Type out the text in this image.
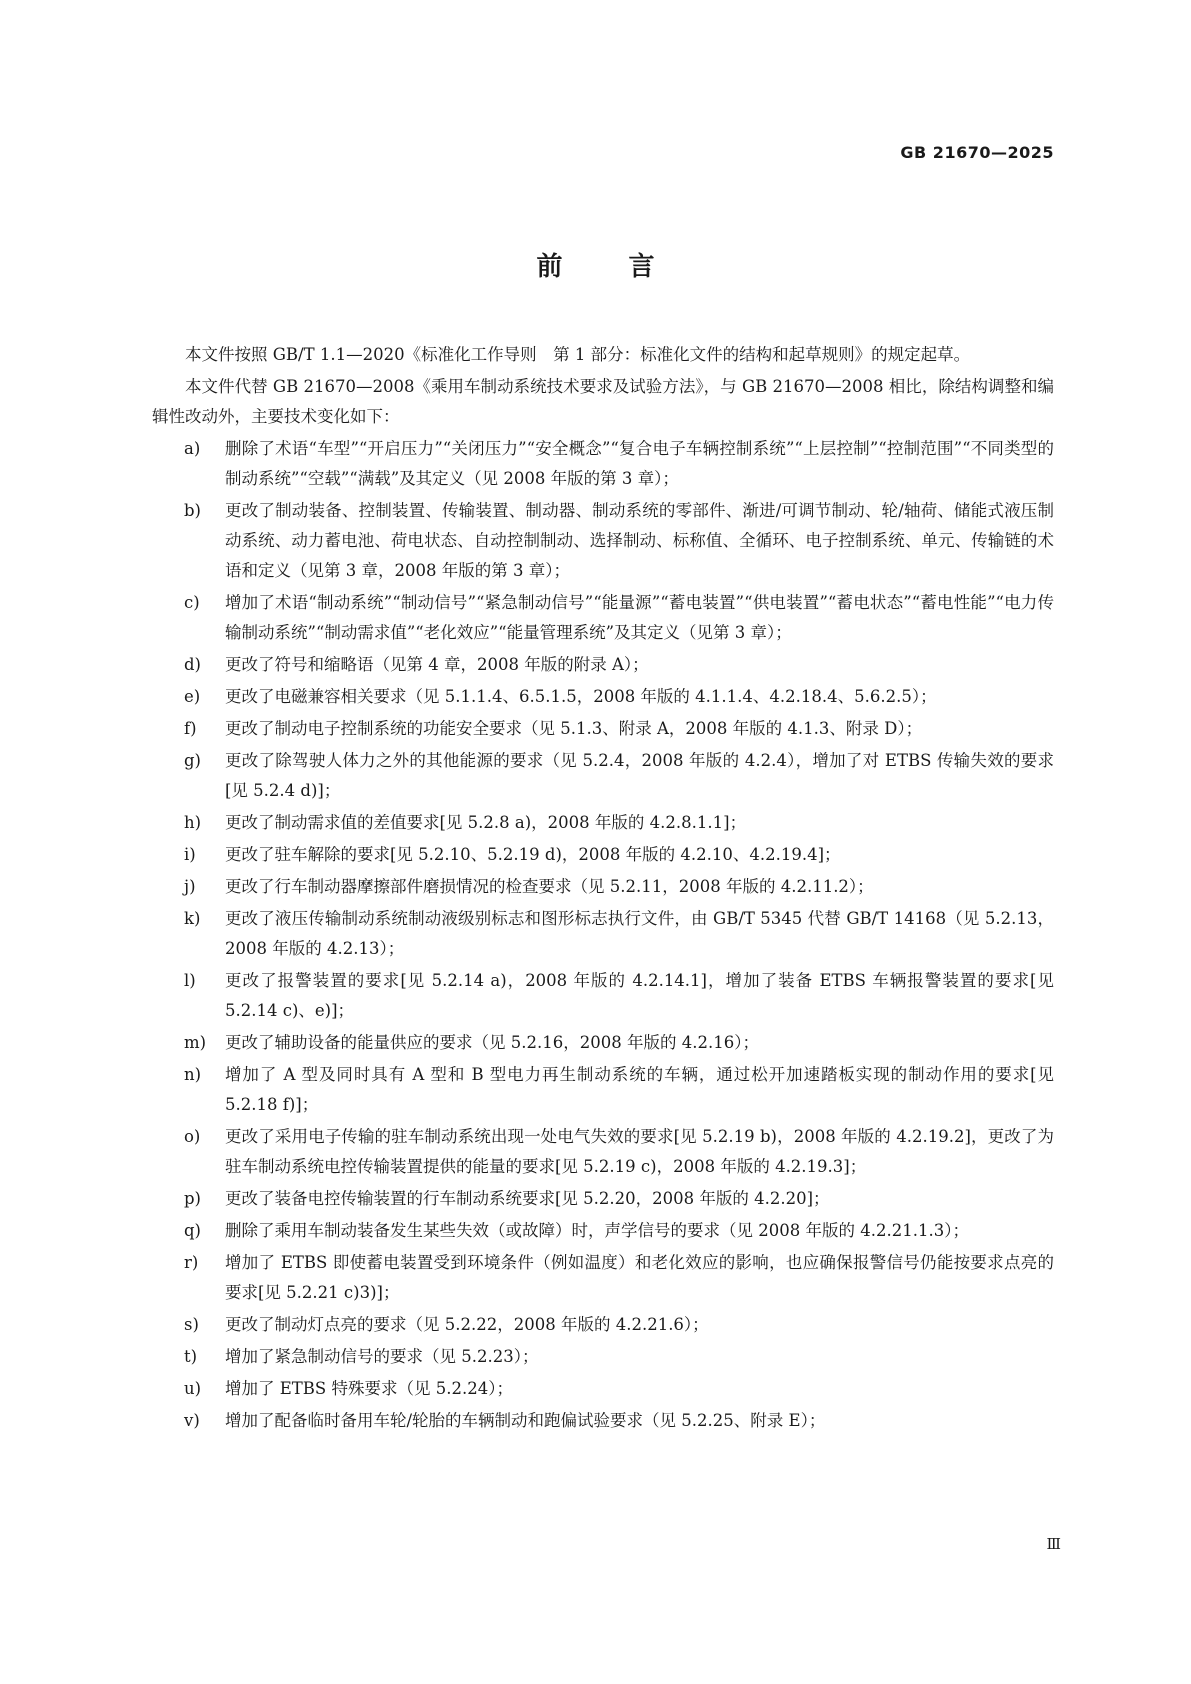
GB 21670—2025
前言

本文件按照 GB/T 1.1—2020《标准化工作导则　第 1 部分：标准化文件的结构和起草规则》的规定起草。

本文件代替 GB 21670—2008《乘用车制动系统技术要求及试验方法》，与 GB 21670—2008 相比，除结构调整和编辑性改动外，主要技术变化如下：

a)	删除了术语“车型”“开启压力”“关闭压力”“安全概念”“复合电子车辆控制系统”“上层控制”“控制范围”“不同类型的制动系统”“空载”“满载”及其定义（见 2008 年版的第 3 章）；
b)	更改了制动装备、控制装置、传输装置、制动器、制动系统的零部件、渐进/可调节制动、轮/轴荷、储能式液压制动系统、动力蓄电池、荷电状态、自动控制制动、选择制动、标称值、全循环、电子控制系统、单元、传输链的术语和定义（见第 3 章，2008 年版的第 3 章）；
c)	增加了术语“制动系统”“制动信号”“紧急制动信号”“能量源”“蓄电装置”“供电装置”“蓄电状态”“蓄电性能”“电力传输制动系统”“制动需求值”“老化效应”“能量管理系统”及其定义（见第 3 章）；
d)	更改了符号和缩略语（见第 4 章，2008 年版的附录 A）；
e)	更改了电磁兼容相关要求（见 5.1.1.4、6.5.1.5，2008 年版的 4.1.1.4、4.2.18.4、5.6.2.5）；
f)	更改了制动电子控制系统的功能安全要求（见 5.1.3、附录 A，2008 年版的 4.1.3、附录 D）；
g)	更改了除驾驶人体力之外的其他能源的要求（见 5.2.4，2008 年版的 4.2.4），增加了对 ETBS 传输失效的要求[见 5.2.4 d)]；
h)	更改了制动需求值的差值要求[见 5.2.8 a)，2008 年版的 4.2.8.1.1]；
i)	更改了驻车解除的要求[见 5.2.10、5.2.19 d)，2008 年版的 4.2.10、4.2.19.4]；
j)	更改了行车制动器摩擦部件磨损情况的检查要求（见 5.2.11，2008 年版的 4.2.11.2）；
k)	更改了液压传输制动系统制动液级别标志和图形标志执行文件，由 GB/T 5345 代替 GB/T 14168（见 5.2.13，2008 年版的 4.2.13）；
l)	更改了报警装置的要求[见 5.2.14 a)，2008 年版的 4.2.14.1]，增加了装备 ETBS 车辆报警装置的要求[见 5.2.14 c)、e)]；
m)	更改了辅助设备的能量供应的要求（见 5.2.16，2008 年版的 4.2.16）；
n)	增加了 A 型及同时具有 A 型和 B 型电力再生制动系统的车辆，通过松开加速踏板实现的制动作用的要求[见 5.2.18 f)]；
o)	更改了采用电子传输的驻车制动系统出现一处电气失效的要求[见 5.2.19 b)，2008 年版的 4.2.19.2]，更改了为驻车制动系统电控传输装置提供的能量的要求[见 5.2.19 c)，2008 年版的 4.2.19.3]；
p)	更改了装备电控传输装置的行车制动系统要求[见 5.2.20，2008 年版的 4.2.20]；
q)	删除了乘用车制动装备发生某些失效（或故障）时，声学信号的要求（见 2008 年版的 4.2.21.1.3）；
r)	增加了 ETBS 即使蓄电装置受到环境条件（例如温度）和老化效应的影响，也应确保报警信号仍能按要求点亮的要求[见 5.2.21 c)3)]；
s)	更改了制动灯点亮的要求（见 5.2.22，2008 年版的 4.2.21.6）；
t)	增加了紧急制动信号的要求（见 5.2.23）；
u)	增加了 ETBS 特殊要求（见 5.2.24）；
v)	增加了配备临时备用车轮/轮胎的车辆制动和跑偏试验要求（见 5.2.25、附录 E）；
Ⅲ
